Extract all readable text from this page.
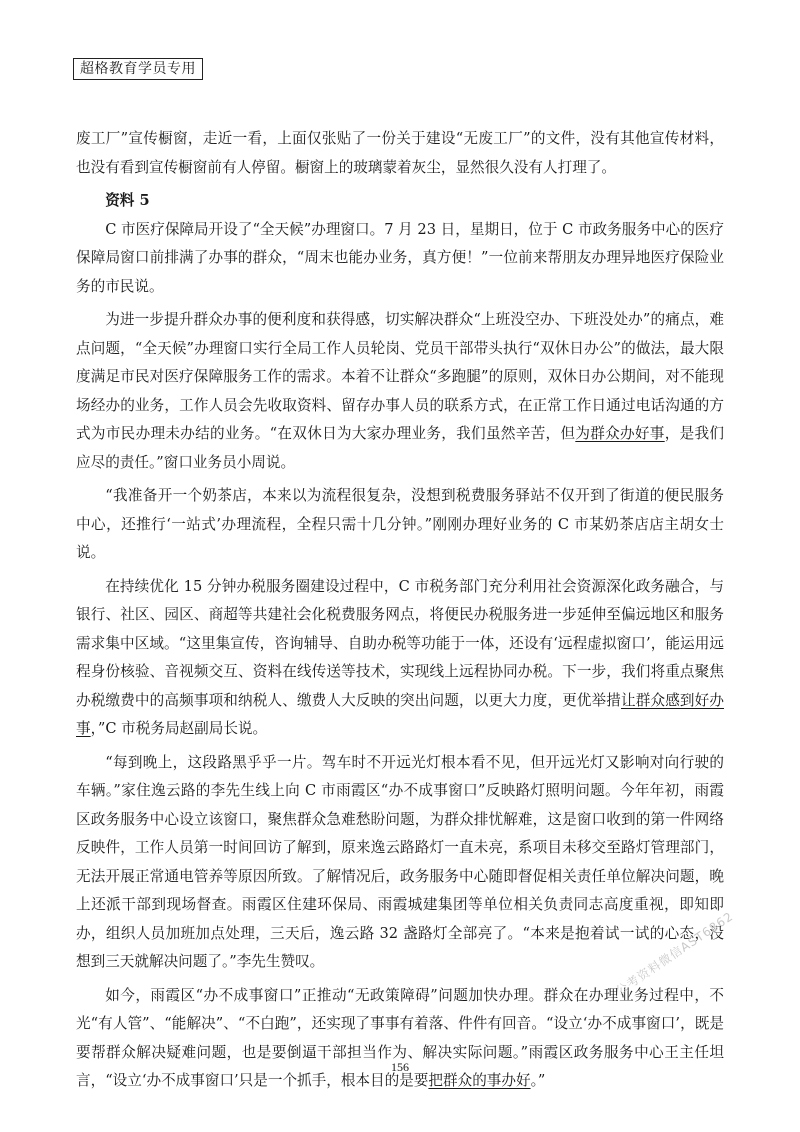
超格教育学员专用

废工厂”宣传橱窗，走近一看，上面仅张贴了一份关于建设“无废工厂”的文件，没有其他宣传材料，也没有看到宣传橱窗前有人停留。橱窗上的玻璃蒙着灰尘，显然很久没有人打理了。

资料 5

C 市医疗保障局开设了“全天候”办理窗口。7 月 23 日，星期日，位于 C 市政务服务中心的医疗保障局窗口前排满了办事的群众，“周末也能办业务，真方便！”一位前来帮朋友办理异地医疗保险业务的市民说。

为进一步提升群众办事的便利度和获得感，切实解决群众“上班没空办、下班没处办”的痛点，难点问题，“全天候”办理窗口实行全局工作人员轮岗、党员干部带头执行“双休日办公”的做法，最大限度满足市民对医疗保障服务工作的需求。本着不让群众“多跑腿”的原则，双休日办公期间，对不能现场经办的业务，工作人员会先收取资料、留存办事人员的联系方式，在正常工作日通过电话沟通的方式为市民办理未办结的业务。“在双休日为大家办理业务，我们虽然辛苦，但为群众办好事，是我们应尽的责任。”窗口业务员小周说。

“我准备开一个奶茶店，本来以为流程很复杂，没想到税费服务驿站不仅开到了街道的便民服务中心，还推行‘一站式’办理流程，全程只需十几分钟。”刚刚办理好业务的 C 市某奶茶店店主胡女士说。

在持续优化 15 分钟办税服务圈建设过程中，C 市税务部门充分利用社会资源深化政务融合，与银行、社区、园区、商超等共建社会化税费服务网点，将便民办税服务进一步延伸至偏远地区和服务需求集中区域。“这里集宣传，咨询辅导、自助办税等功能于一体，还设有‘远程虚拟窗口’，能运用远程身份核验、音视频交互、资料在线传送等技术，实现线上远程协同办税。下一步，我们将重点聚焦办税缴费中的高频事项和纳税人、缴费人大反映的突出问题，以更大力度，更优举措让群众感到好办事，”C 市税务局赵副局长说。

“每到晚上，这段路黑乎乎一片。驾车时不开远光灯根本看不见，但开远光灯又影响对向行驶的车辆。”家住逸云路的李先生线上向 C 市雨霞区“办不成事窗口”反映路灯照明问题。今年年初，雨霞区政务服务中心设立该窗口，聚焦群众急难愁盼问题，为群众排忧解难，这是窗口收到的第一件网络反映件，工作人员第一时间回访了解到，原来逸云路路灯一直未亮，系项目未移交至路灯管理部门，无法开展正常通电管养等原因所致。了解情况后，政务服务中心随即督促相关责任单位解决问题，晚上还派干部到现场督查。雨霞区住建环保局、雨霞城建集团等单位相关负责同志高度重视，即知即办，组织人员加班加点处理，三天后，逸云路 32 盏路灯全部亮了。“本来是抱着试一试的心态，没想到三天就解决问题了。”李先生赞叹。

如今，雨霞区“办不成事窗口”正推动“无政策障碍”问题加快办理。群众在办理业务过程中，不光“有人管”、“能解决”、“不白跑”，还实现了事事有着落、件件有回音。“设立‘办不成事窗口’，既是要帮群众解决疑难问题，也是要倒逼干部担当作为、解决实际问题。”雨霞区政务服务中心王主任坦言，“设立‘办不成事窗口’只是一个抓手，根本目的是要把群众的事办好。”

公考资料微信AST6862
156
